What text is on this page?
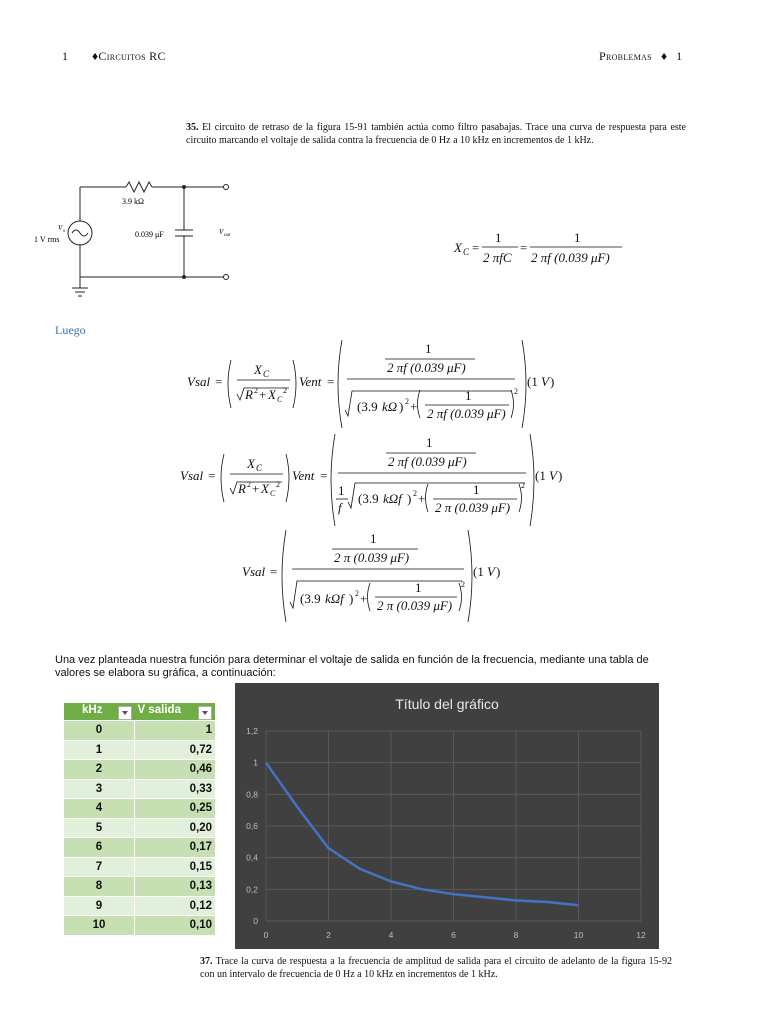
1 ♦Circuitos RC	Problemas ♦ 1
35. El circuito de retraso de la figura 15-91 también actúa como filtro pasabajas. Trace una curva de respuesta para este circuito marcando el voltaje de salida contra la frecuencia de 0 Hz a 10 kHz en incrementos de 1 kHz.
3.9 kΩ
0.039 μF
V s
1 V rms
V out
X C =
1
2 πfC
=
1
2 πf (0.039 μF)
Luego
Vsal =
X C
R 2 + X C
2
Vent =
1
2 πf (0.039 μF)
(3.9 kΩ ) 2 +
1
2 πf (0.039 μF)
2
(1 V )
Vsal =
X C
R 2 + X C
2
Vent =
1
2 πf (0.039 μF)
1
f
(3.9 kΩf ) 2 +
1
2 π (0.039 μF)
2
(1 V )
Vsal =
1
2 π (0.039 μF)
(3.9 kΩf ) 2 +
1
2 π (0.039 μF)
2
(1 V )
Una vez planteada nuestra función para determinar el voltaje de salida en función de la frecuencia, mediante una tabla de valores se elabora su gráfica, a continuación:
kHz	V salida

0	1
1	0,72
2	0,46
3	0,33
4	0,25
5	0,20
6	0,17
7	0,15
8	0,13
9	0,12
10	0,10
Título del gráfico
0
0,2
0,4
0,6
0,8
1
1,2
0	2	4	6	8	10	12
37. Trace la curva de respuesta a la frecuencia de amplitud de salida para el circuito de adelanto de la figura 15-92 con un intervalo de frecuencia de 0 Hz a 10 kHz en incrementos de 1 kHz.
